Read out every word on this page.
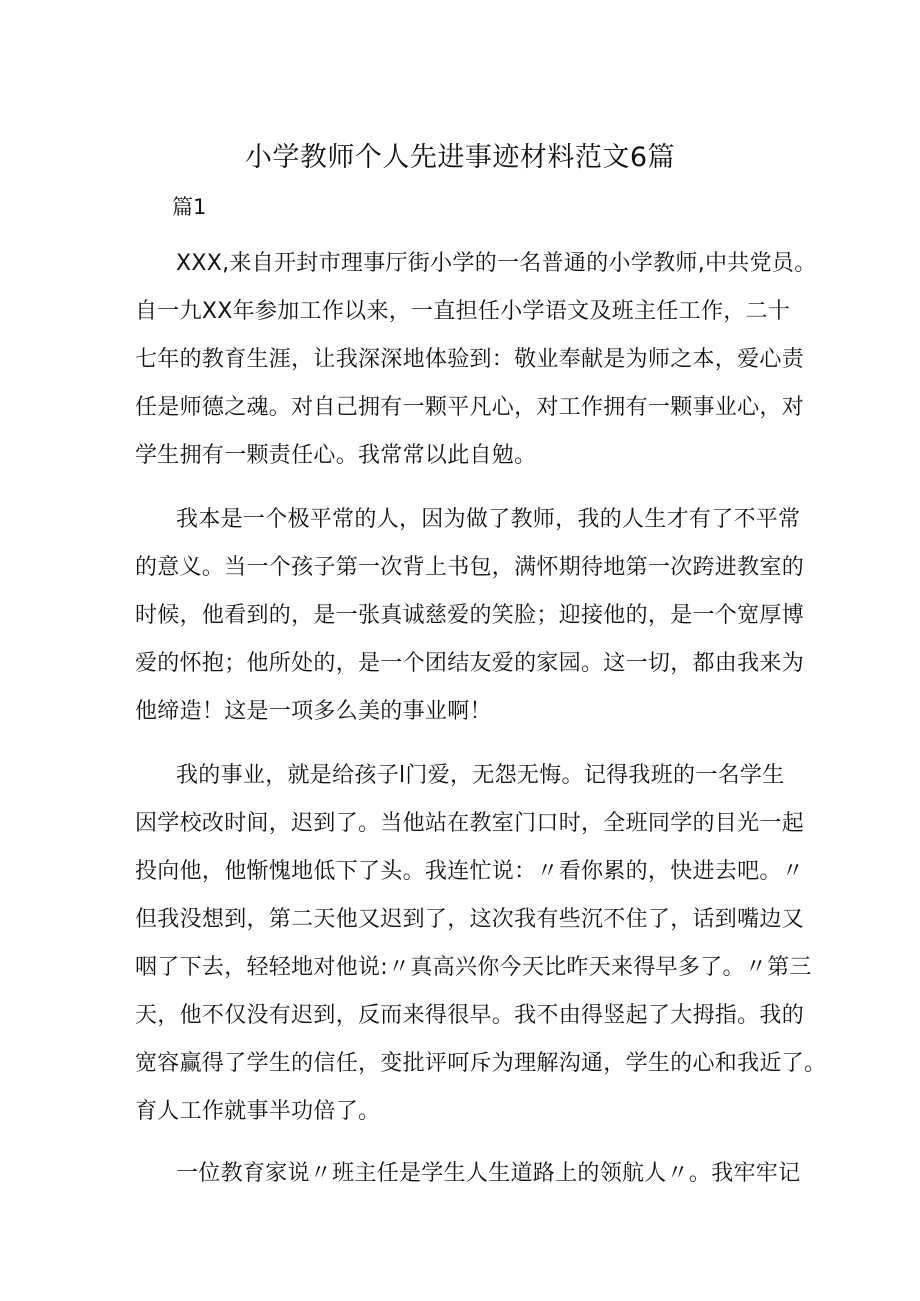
小学教师个人先进事迹材料范文6篇
篇1
XXX,来自开封市理事厅街小学的一名普通的小学教师,中共党员。
自一九XX年参加工作以来，一直担任小学语文及班主任工作，二十
七年的教育生涯，让我深深地体验到：敬业奉献是为师之本，爱心责
任是师德之魂。对自己拥有一颗平凡心，对工作拥有一颗事业心，对
学生拥有一颗责任心。我常常以此自勉。
我本是一个极平常的人，因为做了教师，我的人生才有了不平常
的意义。当一个孩子第一次背上书包，满怀期待地第一次跨进教室的
时候，他看到的，是一张真诚慈爱的笑脸；迎接他的，是一个宽厚博
爱的怀抱；他所处的，是一个团结友爱的家园。这一切，都由我来为
他缔造！这是一项多么美的事业啊！
我的事业，就是给孩子l门爱，无怨无悔。记得我班的一名学生
因学校改时间，迟到了。当他站在教室门口时，全班同学的目光一起
投向他，他惭愧地低下了头。我连忙说：〃看你累的，快进去吧。〃
但我没想到，第二天他又迟到了，这次我有些沉不住了，话到嘴边又
咽了下去，轻轻地对他说:〃真高兴你今天比昨天来得早多了。〃第三
天，他不仅没有迟到，反而来得很早。我不由得竖起了大拇指。我的
宽容赢得了学生的信任，变批评呵斥为理解沟通，学生的心和我近了。
育人工作就事半功倍了。
一位教育家说〃班主任是学生人生道路上的领航人〃。我牢牢记
